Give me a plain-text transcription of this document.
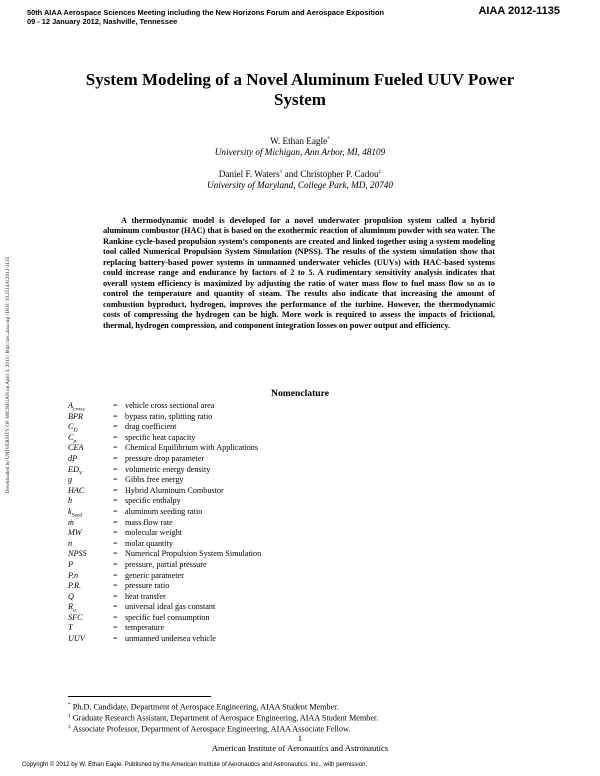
50th AIAA Aerospace Sciences Meeting including the New Horizons Forum and Aerospace Exposition
09 - 12 January 2012, Nashville, Tennessee
AIAA 2012-1135
Downloaded by UNIVERSITY OF MICHIGAN on April 3, 2013 | http://arc.aiaa.org | DOI: 10.2514/6.2012-1135
System Modeling of a Novel Aluminum Fueled UUV Power System
W. Ethan Eagle*
University of Michigan, Ann Arbor, MI, 48109
Daniel F. Waters† and Christopher P. Cadou‡
University of Maryland, College Park, MD, 20740
A thermodynamic model is developed for a novel underwater propulsion system called a hybrid aluminum combustor (HAC) that is based on the exothermic reaction of aluminum powder with sea water. The Rankine cycle-based propulsion system’s components are created and linked together using a system modeling tool called Numerical Propulsion System Simulation (NPSS). The results of the system simulation show that replacing battery-based power systems in unmanned underwater vehicles (UUVs) with HAC-based systems could increase range and endurance by factors of 2 to 5. A rudimentary sensitivity analysis indicates that overall system efficiency is maximized by adjusting the ratio of water mass flow to fuel mass flow so as to control the temperature and quantity of steam. The results also indicate that increasing the amount of combustion byproduct, hydrogen, improves the performance of the turbine. However, the thermodynamic costs of compressing the hydrogen can be high. More work is required to assess the impacts of frictional, thermal, hydrogen compression, and component integration losses on power output and efficiency.
Nomenclature
$A_{cross}$	= vehicle cross sectional area
BPR	= bypass ratio, splitting ratio
$C_D$	= drag coefficient
$C_p$	= specific heat capacity
CEA	= Chemical Equilibrium with Applications
dP	= pressure drop parameter
$ED_V$	= volumetric energy density
g	= Gibbs free energy
HAC	= Hybrid Aluminum Combustor
h	= specific enthalpy
$k_{Seed}$	= aluminum seeding ratio
ṁ	= mass flow rate
MW	= molecular weight
n	= molar quantity
NPSS	= Numerical Propulsion System Simulation
P	= pressure, partial pressure
P.n	= generic parameter
P.R.	= pressure ratio
Q	= heat transfer
$R_u$	= universal ideal gas constant
SFC	= specific fuel consumption
T	= temperature
UUV	= unmanned undersea vehicle
* Ph.D. Candidate, Department of Aerospace Engineering, AIAA Student Member.
† Graduate Research Assistant, Department of Aerospace Engineering, AIAA Student Member.
‡ Associate Professor, Department of Aerospace Engineering, AIAA Associate Fellow.
1
American Institute of Aeronautics and Astronautics
Copyright © 2012 by W. Ethan Eagle. Published by the American Institute of Aeronautics and Astronautics, Inc., with permission.
